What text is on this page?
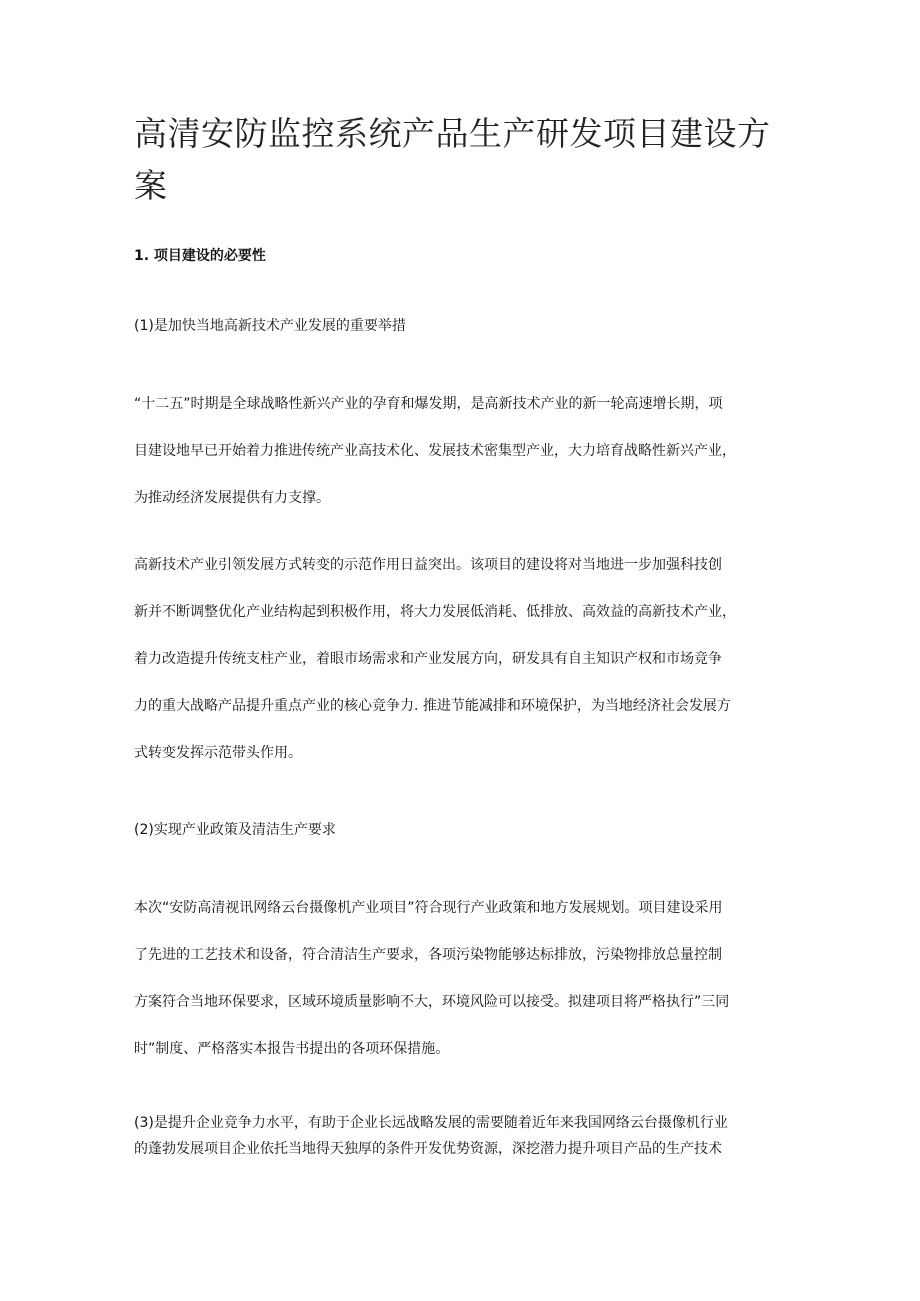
高清安防监控系统产品生产研发项目建设方
案

1. 项目建设的必要性

(1)是加快当地高新技术产业发展的重要举措

“十二五”时期是全球战略性新兴产业的孕育和爆发期，是高新技术产业的新一轮高速增长期，项
目建设地早已开始着力推进传统产业高技术化、发展技术密集型产业，大力培育战略性新兴产业，
为推动经济发展提供有力支撑。

高新技术产业引领发展方式转变的示范作用日益突出。该项目的建设将对当地进一步加强科技创
新并不断调整优化产业结构起到积极作用，将大力发展低消耗、低排放、高效益的高新技术产业，
着力改造提升传统支柱产业，着眼市场需求和产业发展方向，研发具有自主知识产权和市场竞争
力的重大战略产品提升重点产业的核心竞争力. 推进节能减排和环境保护，为当地经济社会发展方
式转变发挥示范带头作用。

(2)实现产业政策及清洁生产要求

本次“安防高清视讯网络云台摄像机产业项目”符合现行产业政策和地方发展规划。项目建设采用
了先进的工艺技术和设备，符合清洁生产要求，各项污染物能够达标排放，污染物排放总量控制
方案符合当地环保要求，区域环境质量影响不大，环境风险可以接受。拟建项目将严格执行”三同
时”制度、严格落实本报告书提出的各项环保措施。

(3)是提升企业竞争力水平，有助于企业长远战略发展的需要随着近年来我国网络云台摄像机行业
的蓬勃发展项目企业依托当地得天独厚的条件开发优势资源，深挖潜力提升项目产品的生产技术
